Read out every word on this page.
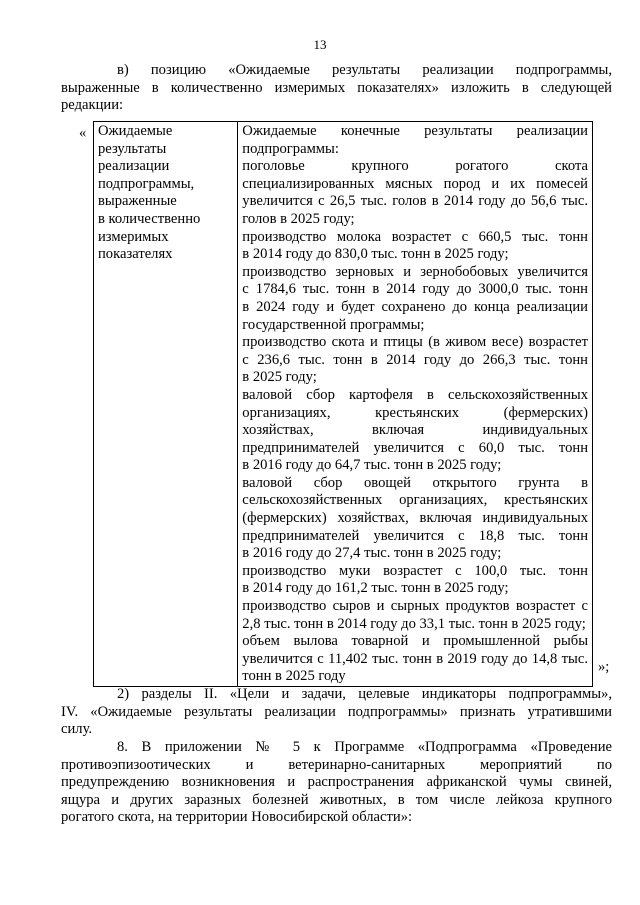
13
в) позицию «Ожидаемые результаты реализации подпрограммы,
выраженные в количественно измеримых показателях» изложить в следующей
редакции:
« Ожидаемые
результаты
реализации
подпрограммы,
выраженные
в количественно
измеримых
показателях

Ожидаемые конечные результаты реализации
подпрограммы:
поголовье крупного рогатого скота
специализированных мясных пород и их помесей
увеличится с 26,5 тыс. голов в 2014 году до 56,6 тыс.
голов в 2025 году;
производство молока возрастет с 660,5 тыс. тонн
в 2014 году до 830,0 тыс. тонн в 2025 году;
производство зерновых и зернобобовых увеличится
с 1784,6 тыс. тонн в 2014 году до 3000,0 тыс. тонн
в 2024 году и будет сохранено до конца реализации
государственной программы;
производство скота и птицы (в живом весе) возрастет
с 236,6 тыс. тонн в 2014 году до 266,3 тыс. тонн
в 2025 году;
валовой сбор картофеля в сельскохозяйственных
организациях, крестьянских (фермерских)
хозяйствах, включая индивидуальных
предпринимателей увеличится с 60,0 тыс. тонн
в 2016 году до 64,7 тыс. тонн в 2025 году;
валовой сбор овощей открытого грунта в
сельскохозяйственных организациях, крестьянских
(фермерских) хозяйствах, включая индивидуальных
предпринимателей увеличится с 18,8 тыс. тонн
в 2016 году до 27,4 тыс. тонн в 2025 году;
производство муки возрастет с 100,0 тыс. тонн
в 2014 году до 161,2 тыс. тонн в 2025 году;
производство сыров и сырных продуктов возрастет с
2,8 тыс. тонн в 2014 году до 33,1 тыс. тонн в 2025 году;
объем вылова товарной и промышленной рыбы
увеличится с 11,402 тыс. тонн в 2019 году до 14,8 тыс.
тонн в 2025 году
»;
2) разделы II. «Цели и задачи, целевые индикаторы подпрограммы»,
IV. «Ожидаемые результаты реализации подпрограммы» признать утратившими
силу.
8. В приложении № 5 к Программе «Подпрограмма «Проведение
противоэпизоотических и ветеринарно-санитарных мероприятий по
предупреждению возникновения и распространения африканской чумы свиней,
ящура и других заразных болезней животных, в том числе лейкоза крупного
рогатого скота, на территории Новосибирской области»:
